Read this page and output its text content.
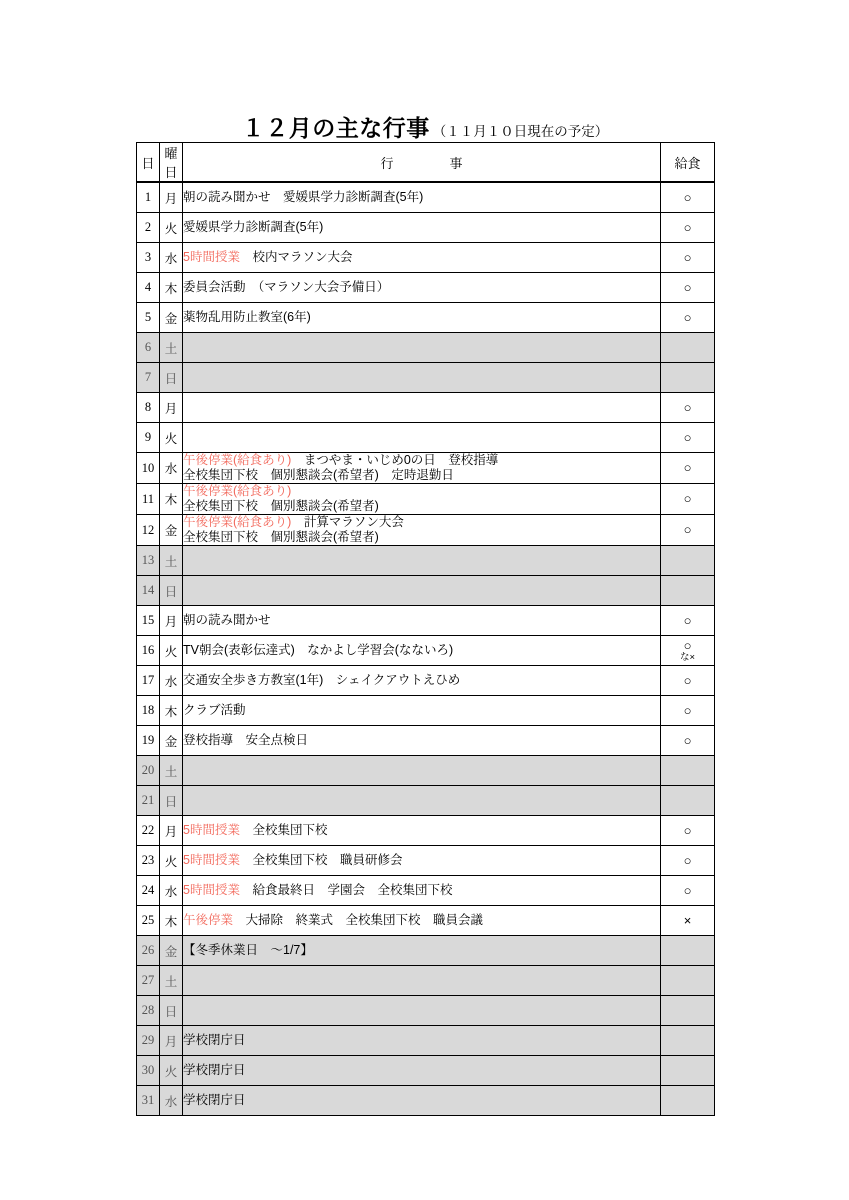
１２月の主な行事 （１１月１０日現在の予定）
日	曜日	行　　事	給食
1	月	朝の読み聞かせ　愛媛県学力診断調査(5年)	○

2	火	愛媛県学力診断調査(5年)	○

3	水	5時間授業　校内マラソン大会	○

4	木	委員会活動　（マラソン大会予備日）	○

5	金	薬物乱用防止教室(6年)	○

6	土	

7	日	

8	月		○

9	火		○

10	水	午後停業(給食あり)　まつやま・いじめ0の日　登校指導
全校集団下校　個別懇談会(希望者)　定時退勤日	○

11	木	午後停業(給食あり)
全校集団下校　個別懇談会(希望者)	○

12	金	午後停業(給食あり)　計算マラソン大会
全校集団下校　個別懇談会(希望者)	○

13	土	

14	日	

15	月	朝の読み聞かせ	○

16	火	TV朝会(表彰伝達式)　なかよし学習会(なないろ)	○
な×

17	水	交通安全歩き方教室(1年)　シェイクアウトえひめ	○

18	木	クラブ活動	○

19	金	登校指導　安全点検日	○

20	土	

21	日	

22	月	5時間授業　全校集団下校	○

23	火	5時間授業　全校集団下校　職員研修会	○

24	水	5時間授業　給食最終日　学園会　全校集団下校	○

25	木	午後停業　大掃除　終業式　全校集団下校　職員会議	×

26	金	【冬季休業日　～1/7】	

27	土	

28	日	

29	月	学校閉庁日	

30	火	学校閉庁日	

31	水	学校閉庁日	
